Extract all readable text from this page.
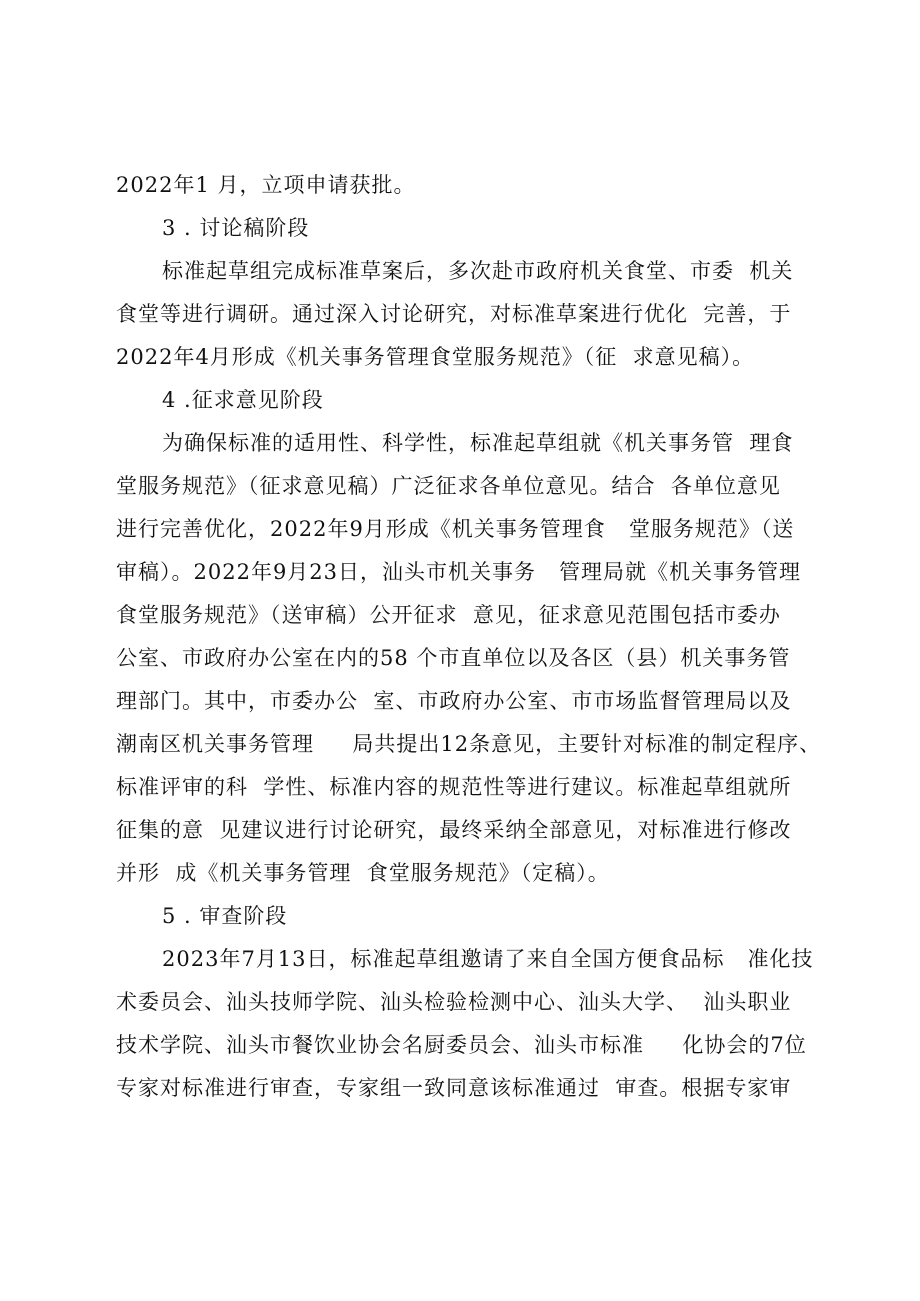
2022年1 月，立项申请获批。
3 . 讨论稿阶段
标准起草组完成标准草案后，多次赴市政府机关食堂、市委  机关
食堂等进行调研。通过深入讨论研究，对标准草案进行优化  完善，于
2022年4月形成《机关事务管理食堂服务规范》（征  求意见稿）。
4 .征求意见阶段
为确保标准的适用性、科学性，标准起草组就《机关事务管  理食
堂服务规范》（征求意见稿）广泛征求各单位意见。结合  各单位意见
进行完善优化，2022年9月形成《机关事务管理食   堂服务规范》（送
审稿）。2022年9月23日，汕头市机关事务   管理局就《机关事务管理
食堂服务规范》（送审稿）公开征求  意见，征求意见范围包括市委办
公室、市政府办公室在内的58 个市直单位以及各区（县）机关事务管
理部门。其中，市委办公  室、市政府办公室、市市场监督管理局以及
潮南区机关事务管理     局共提出12条意见，主要针对标准的制定程序、
标准评审的科  学性、标准内容的规范性等进行建议。标准起草组就所
征集的意  见建议进行讨论研究，最终采纳全部意见，对标准进行修改
并形  成《机关事务管理  食堂服务规范》（定稿）。
5 . 审查阶段
2023年7月13日，标准起草组邀请了来自全国方便食品标   准化技
术委员会、汕头技师学院、汕头检验检测中心、汕头大学、  汕头职业
技术学院、汕头市餐饮业协会名厨委员会、汕头市标准     化协会的7位
专家对标准进行审查，专家组一致同意该标准通过  审查。根据专家审
